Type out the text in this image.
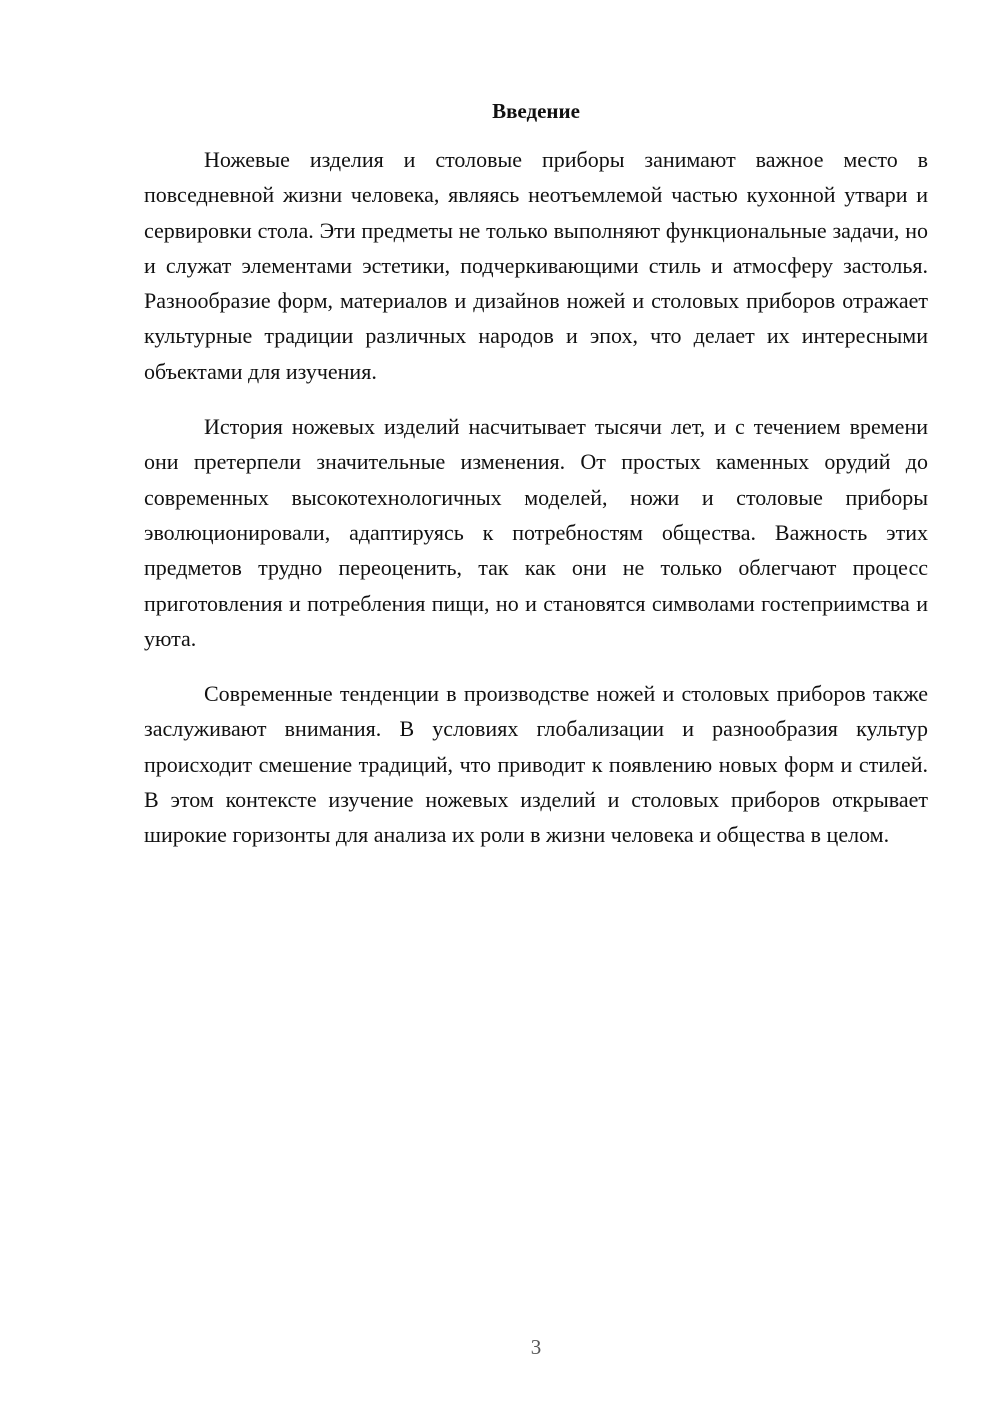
Введение

Ножевые изделия и столовые приборы занимают важное место в повседневной жизни человека, являясь неотъемлемой частью кухонной утвари и сервировки стола. Эти предметы не только выполняют функциональные задачи, но и служат элементами эстетики, подчеркивающими стиль и атмосферу застолья. Разнообразие форм, материалов и дизайнов ножей и столовых приборов отражает культурные традиции различных народов и эпох, что делает их интересными объектами для изучения.

История ножевых изделий насчитывает тысячи лет, и с течением времени они претерпели значительные изменения. От простых каменных орудий до современных высокотехнологичных моделей, ножи и столовые приборы эволюционировали, адаптируясь к потребностям общества. Важность этих предметов трудно переоценить, так как они не только облегчают процесс приготовления и потребления пищи, но и становятся символами гостеприимства и уюта.

Современные тенденции в производстве ножей и столовых приборов также заслуживают внимания. В условиях глобализации и разнообразия культур происходит смешение традиций, что приводит к появлению новых форм и стилей. В этом контексте изучение ножевых изделий и столовых приборов открывает широкие горизонты для анализа их роли в жизни человека и общества в целом.

3
